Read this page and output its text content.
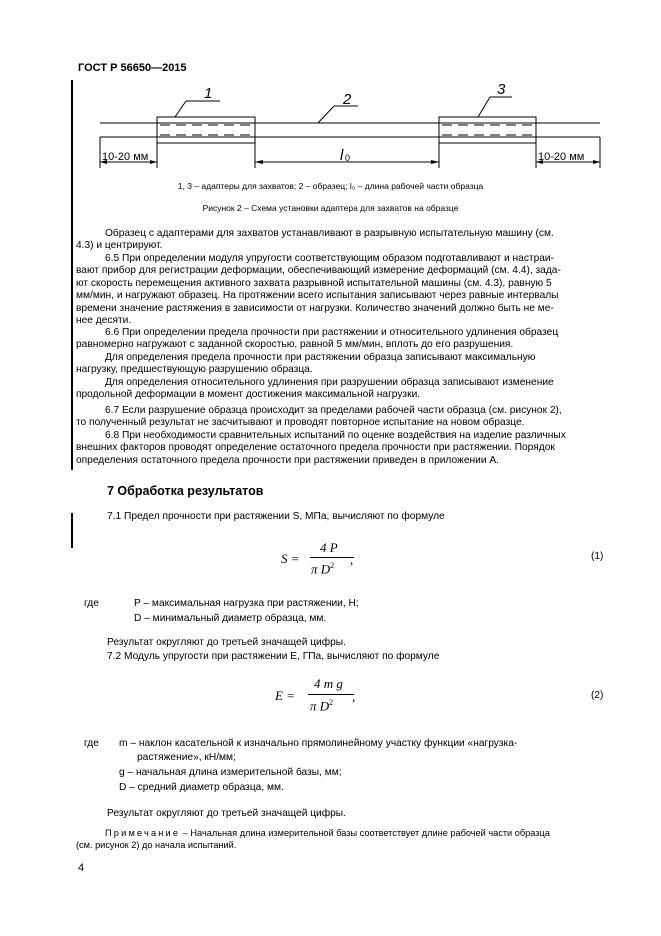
ГОСТ Р 56650—2015
1	2
3
10-20 мм	10-20 мм
l 0
1, 3 – адаптеры для захватов; 2 – образец; l₀ – длина рабочей части образца
Рисунок 2 – Схема установки адаптера для захватов на образце
Образец с адаптерами для захватов устанавливают в разрывную испытательную машину (см.
4.3) и центрируют.
6.5 При определении модуля упругости соответствующим образом подготавливают и настраи-
вают прибор для регистрации деформации, обеспечивающий измерение деформаций (см. 4.4), зада-
ют скорость перемещения активного захвата разрывной испытательной машины (см. 4.3), равную 5
мм/мин, и нагружают образец. На протяжении всего испытания записывают через равные интервалы
времени значение растяжения в зависимости от нагрузки. Количество значений должно быть не ме-
нее десяти.
6.6 При определении предела прочности при растяжении и относительного удлинения образец
равномерно нагружают с заданной скоростью, равной 5 мм/мин, вплоть до его разрушения.
Для определения предела прочности при растяжении образца записывают максимальную
нагрузку, предшествующую разрушению образца.
Для определения относительного удлинения при разрушении образца записывают изменение
продольной деформации в момент достижения максимальной нагрузки.
6.7 Если разрушение образца происходит за пределами рабочей части образца (см. рисунок 2),
то полученный результат не засчитывают и проводят повторное испытание на новом образце.
6.8 При необходимости сравнительных испытаний по оценке воздействия на изделие различных
внешних факторов проводят определение остаточного предела прочности при растяжении. Порядок
определения остаточного предела прочности при растяжении приведен в приложении А.
7 Обработка результатов
7.1 Предел прочности при растяжении S, МПа, вычисляют по формуле
S =
4 P
π $D^2$ ,	(1)
где	P – максимальная нагрузка при растяжении, Н;
D – минимальный диаметр образца, мм.
Результат округляют до третьей значащей цифры.
7.2 Модуль упругости при растяжении E, ГПа, вычисляют по формуле
E =
4 m g
π $D^2$ ,	(2)
где m – наклон касательной к изначально прямолинейному участку функции «нагрузка-
растяжение», кН/мм;
g – начальная длина измерительной базы, мм;
D – средний диаметр образца, мм.
Результат округляют до третьей значащей цифры.
Примечание – Начальная длина измерительной базы соответствует длине рабочей части образца
(см. рисунок 2) до начала испытаний.
4
